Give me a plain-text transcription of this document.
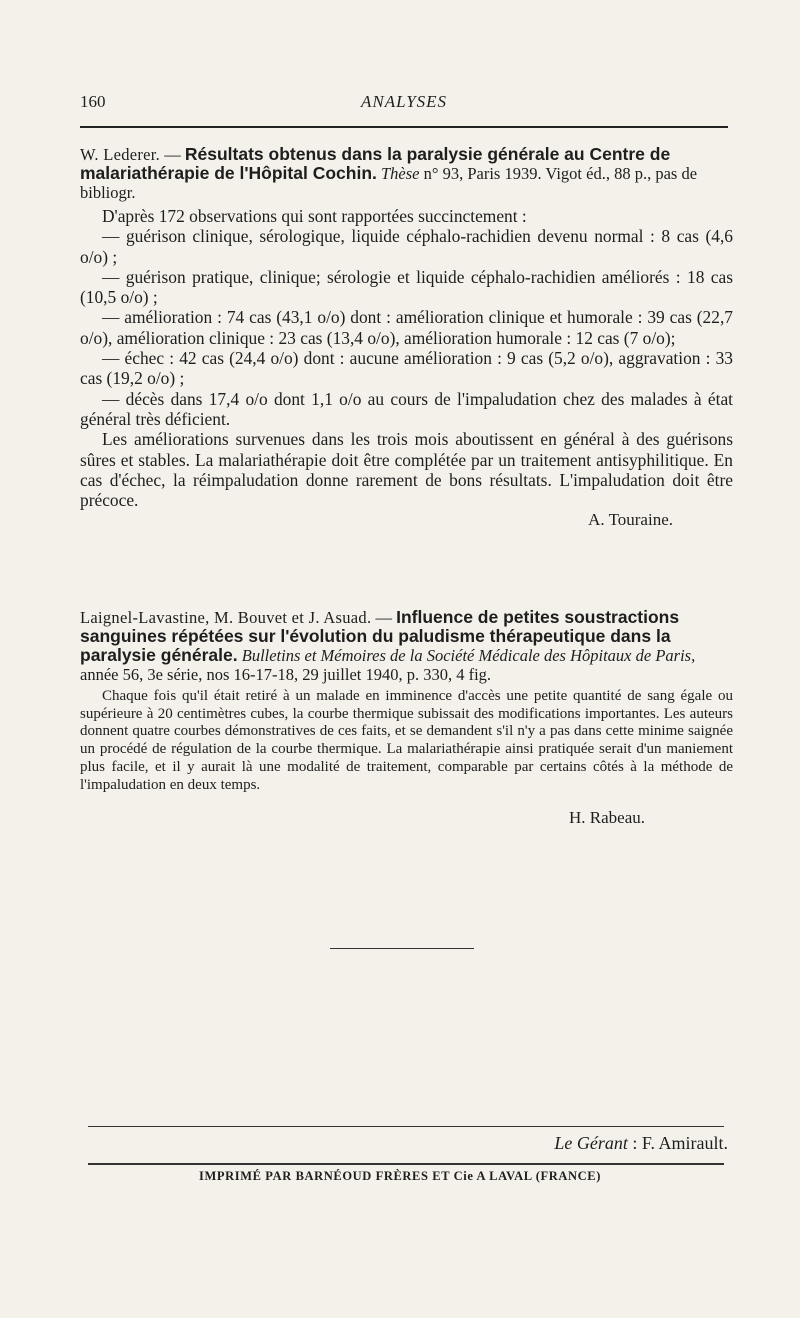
160	ANALYSES

W. Lederer. — Résultats obtenus dans la paralysie générale au Centre de malariathérapie de l'Hôpital Cochin. Thèse n° 93, Paris 1939. Vigot éd., 88 p., pas de bibliogr.

D'après 172 observations qui sont rapportées succinctement :

— guérison clinique, sérologique, liquide céphalo-rachidien devenu normal : 8 cas (4,6 o/o) ;

— guérison pratique, clinique; sérologie et liquide céphalo-rachidien améliorés : 18 cas (10,5 o/o) ;

— amélioration : 74 cas (43,1 o/o) dont : amélioration clinique et humorale : 39 cas (22,7 o/o), amélioration clinique : 23 cas (13,4 o/o), amélioration humorale : 12 cas (7 o/o);

— échec : 42 cas (24,4 o/o) dont : aucune amélioration : 9 cas (5,2 o/o), aggravation : 33 cas (19,2 o/o) ;

— décès dans 17,4 o/o dont 1,1 o/o au cours de l'impaludation chez des malades à état général très déficient.

Les améliorations survenues dans les trois mois aboutissent en général à des guérisons sûres et stables. La malariathérapie doit être complétée par un traitement antisyphilitique. En cas d'échec, la réimpaludation donne rarement de bons résultats. L'impaludation doit être précoce.

A. Touraine.

Laignel-Lavastine, M. Bouvet et J. Asuad. — Influence de petites soustractions sanguines répétées sur l'évolution du paludisme thérapeutique dans la paralysie générale. Bulletins et Mémoires de la Société Médicale des Hôpitaux de Paris, année 56, 3e série, nos 16-17-18, 29 juillet 1940, p. 330, 4 fig.

Chaque fois qu'il était retiré à un malade en imminence d'accès une petite quantité de sang égale ou supérieure à 20 centimètres cubes, la courbe thermique subissait des modifications importantes. Les auteurs donnent quatre courbes démonstratives de ces faits, et se demandent s'il n'y a pas dans cette minime saignée un procédé de régulation de la courbe thermique. La malariathérapie ainsi pratiquée serait d'un maniement plus facile, et il y aurait là une modalité de traitement, comparable par certains côtés à la méthode de l'impaludation en deux temps.

H. Rabeau.

Le Gérant : F. Amirault.
IMPRIMÉ PAR BARNÉOUD FRÈRES ET Cie A LAVAL (FRANCE)
